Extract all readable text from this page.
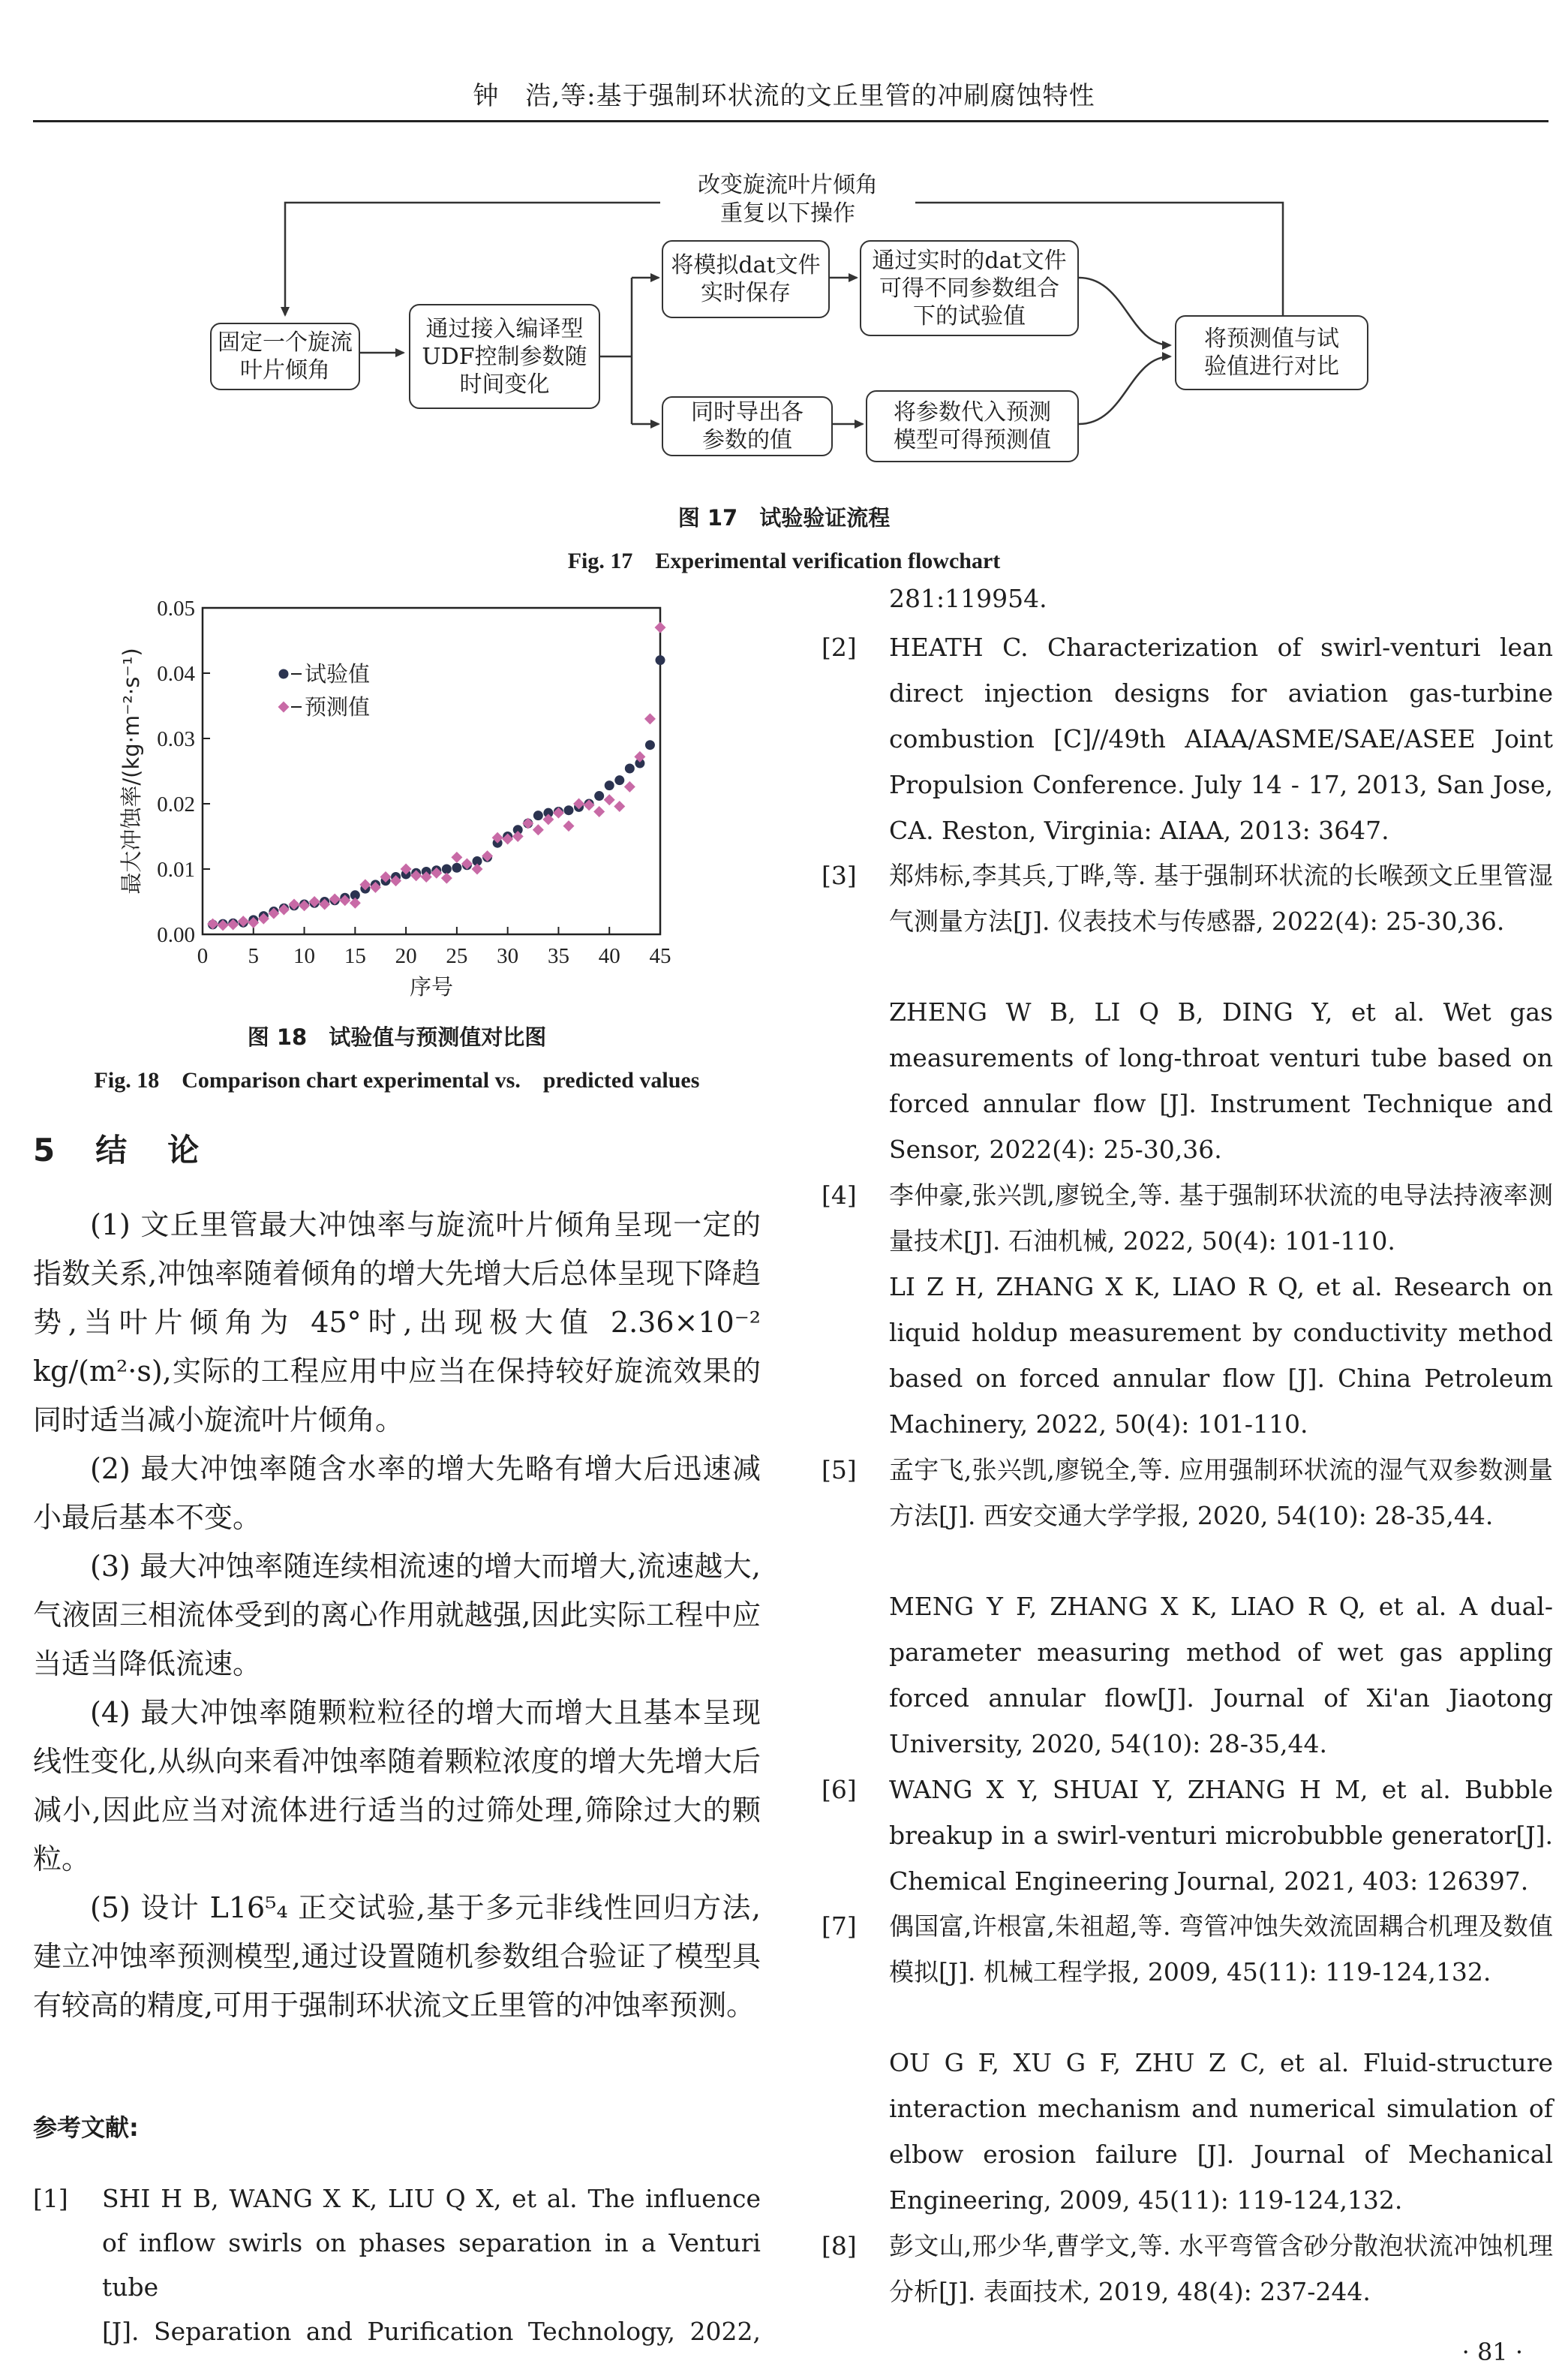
钟　浩,等:基于强制环状流的文丘里管的冲刷腐蚀特性
改变旋流叶片倾角
重复以下操作
固定一个旋流
叶片倾角
通过接入编译型
UDF控制参数随
时间变化
将模拟dat文件
实时保存
通过实时的dat文件
可得不同参数组合
下的试验值
同时导出各
参数的值
将参数代入预测
模型可得预测值
将预测值与试
验值进行对比
图 17　试验验证流程
Fig. 17　Experimental verification flowchart
0 5 10 15 20 25 30 35 40 45
0.00
0.01
0.02
0.03
0.04
0.05
序号
最大冲蚀率/(kg·m⁻²·s⁻¹)	试验值
预测值
图 18　试验值与预测值对比图
Fig. 18　Comparison chart experimental vs.　predicted values
5　结　论
(1) 文丘里管最大冲蚀率与旋流叶片倾角呈现一定的指数关系,冲蚀率随着倾角的增大先增大后总体呈现下降趋势,当叶片倾角为 45°时,出现极大值 2.36×10⁻² kg/(m²·s),实际的工程应用中应当在保持较好旋流效果的同时适当减小旋流叶片倾角。
(2) 最大冲蚀率随含水率的增大先略有增大后迅速减小最后基本不变。
(3) 最大冲蚀率随连续相流速的增大而增大,流速越大,气液固三相流体受到的离心作用就越强,因此实际工程中应当适当降低流速。
(4) 最大冲蚀率随颗粒粒径的增大而增大且基本呈现线性变化,从纵向来看冲蚀率随着颗粒浓度的增大先增大后减小,因此应当对流体进行适当的过筛处理,筛除过大的颗粒。
(5) 设计 L16⁵₄ 正交试验,基于多元非线性回归方法,建立冲蚀率预测模型,通过设置随机参数组合验证了模型具有较高的精度,可用于强制环状流文丘里管的冲蚀率预测。
参考文献:
[1] SHI H B, WANG X K, LIU Q X, et al. The influence
of inflow swirls on phases separation in a Venturi tube
[J]. Separation and Purification Technology, 2022,
281:119954.
[2] HEATH C. Characterization of swirl-venturi lean direct injection designs for aviation gas-turbine combustion [C]//49th AIAA/ASME/SAE/ASEE Joint Propulsion Conference. July 14 - 17, 2013, San Jose, CA. Reston, Virginia: AIAA, 2013: 3647.
[3] 郑炜标,李其兵,丁晔,等. 基于强制环状流的长喉颈文丘里管湿气测量方法[J]. 仪表技术与传感器, 2022(4): 25-30,36.
ZHENG W B, LI Q B, DING Y, et al. Wet gas measurements of long-throat venturi tube based on forced annular flow [J]. Instrument Technique and Sensor, 2022(4): 25-30,36.
[4] 李仲豪,张兴凯,廖锐全,等. 基于强制环状流的电导法持液率测量技术[J]. 石油机械, 2022, 50(4): 101-110.
LI Z H, ZHANG X K, LIAO R Q, et al. Research on liquid holdup measurement by conductivity method based on forced annular flow [J]. China Petroleum Machinery, 2022, 50(4): 101-110.
[5] 孟宇飞,张兴凯,廖锐全,等. 应用强制环状流的湿气双参数测量方法[J]. 西安交通大学学报, 2020, 54(10): 28-35,44.
MENG Y F, ZHANG X K, LIAO R Q, et al. A dual-parameter measuring method of wet gas appling forced annular flow[J]. Journal of Xi'an Jiaotong University, 2020, 54(10): 28-35,44.
[6] WANG X Y, SHUAI Y, ZHANG H M, et al. Bubble breakup in a swirl-venturi microbubble generator[J]. Chemical Engineering Journal, 2021, 403: 126397.
[7] 偶国富,许根富,朱祖超,等. 弯管冲蚀失效流固耦合机理及数值模拟[J]. 机械工程学报, 2009, 45(11): 119-124,132.
OU G F, XU G F, ZHU Z C, et al. Fluid-structure interaction mechanism and numerical simulation of elbow erosion failure [J]. Journal of Mechanical Engineering, 2009, 45(11): 119-124,132.
[8] 彭文山,邢少华,曹学文,等. 水平弯管含砂分散泡状流冲蚀机理分析[J]. 表面技术, 2019, 48(4): 237-244.
· 81 ·
